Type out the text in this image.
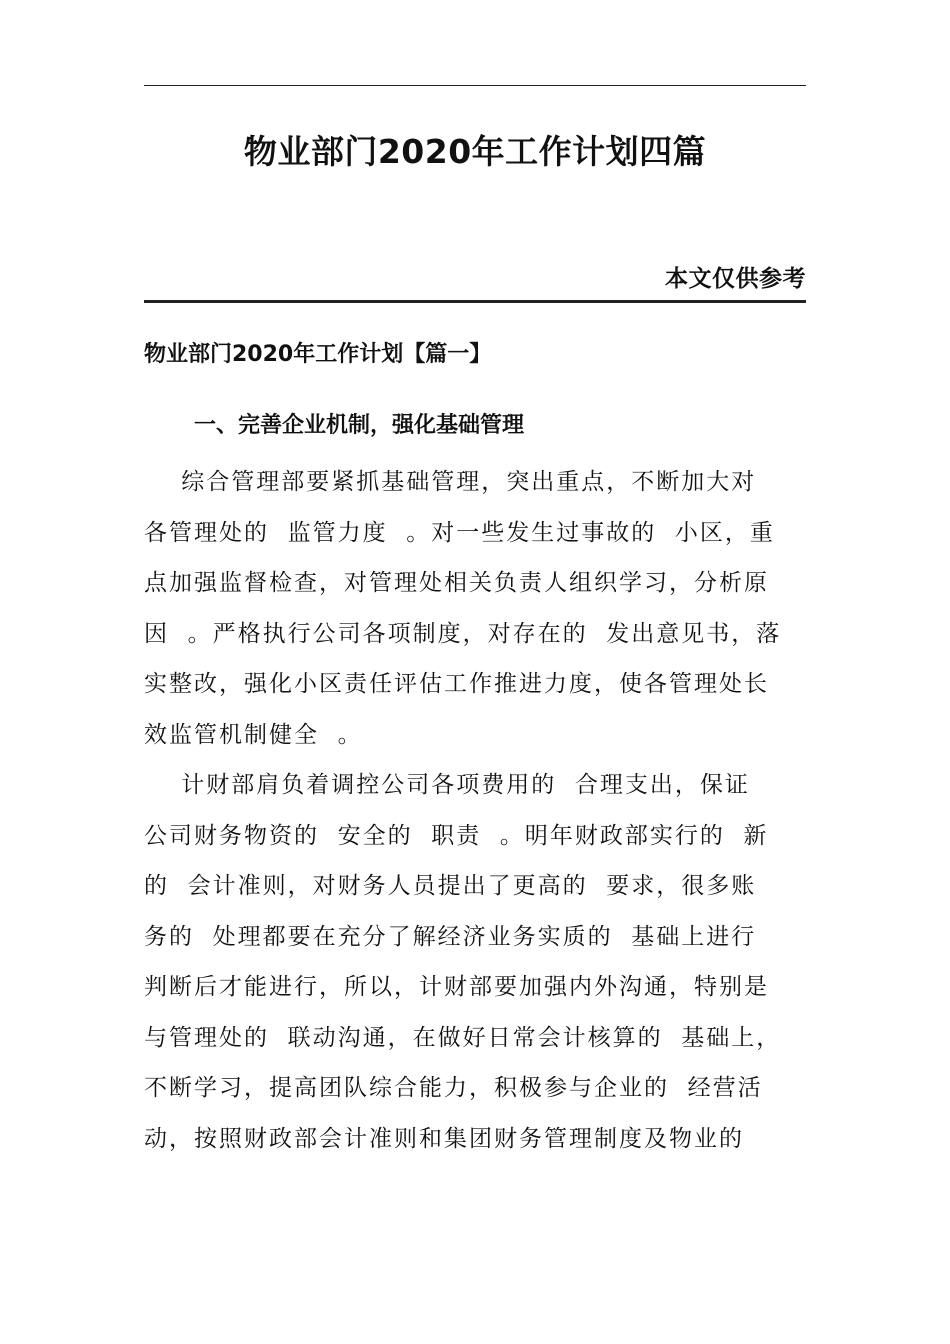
物业部门2020年工作计划四篇
本文仅供参考
物业部门2020年工作计划【篇一】
一、完善企业机制，强化基础管理
综合管理部要紧抓基础管理，突出重点，不断加大对
各管理处的  监管力度  。对一些发生过事故的  小区，重
点加强监督检查，对管理处相关负责人组织学习，分析原
因  。严格执行公司各项制度，对存在的  发出意见书，落
实整改，强化小区责任评估工作推进力度，使各管理处长
效监管机制健全  。
计财部肩负着调控公司各项费用的  合理支出，保证
公司财务物资的  安全的  职责  。明年财政部实行的  新
的  会计准则，对财务人员提出了更高的  要求，很多账
务的  处理都要在充分了解经济业务实质的  基础上进行
判断后才能进行，所以，计财部要加强内外沟通，特别是
与管理处的  联动沟通，在做好日常会计核算的  基础上，
不断学习，提高团队综合能力，积极参与企业的  经营活
动，按照财政部会计准则和集团财务管理制度及物业的
